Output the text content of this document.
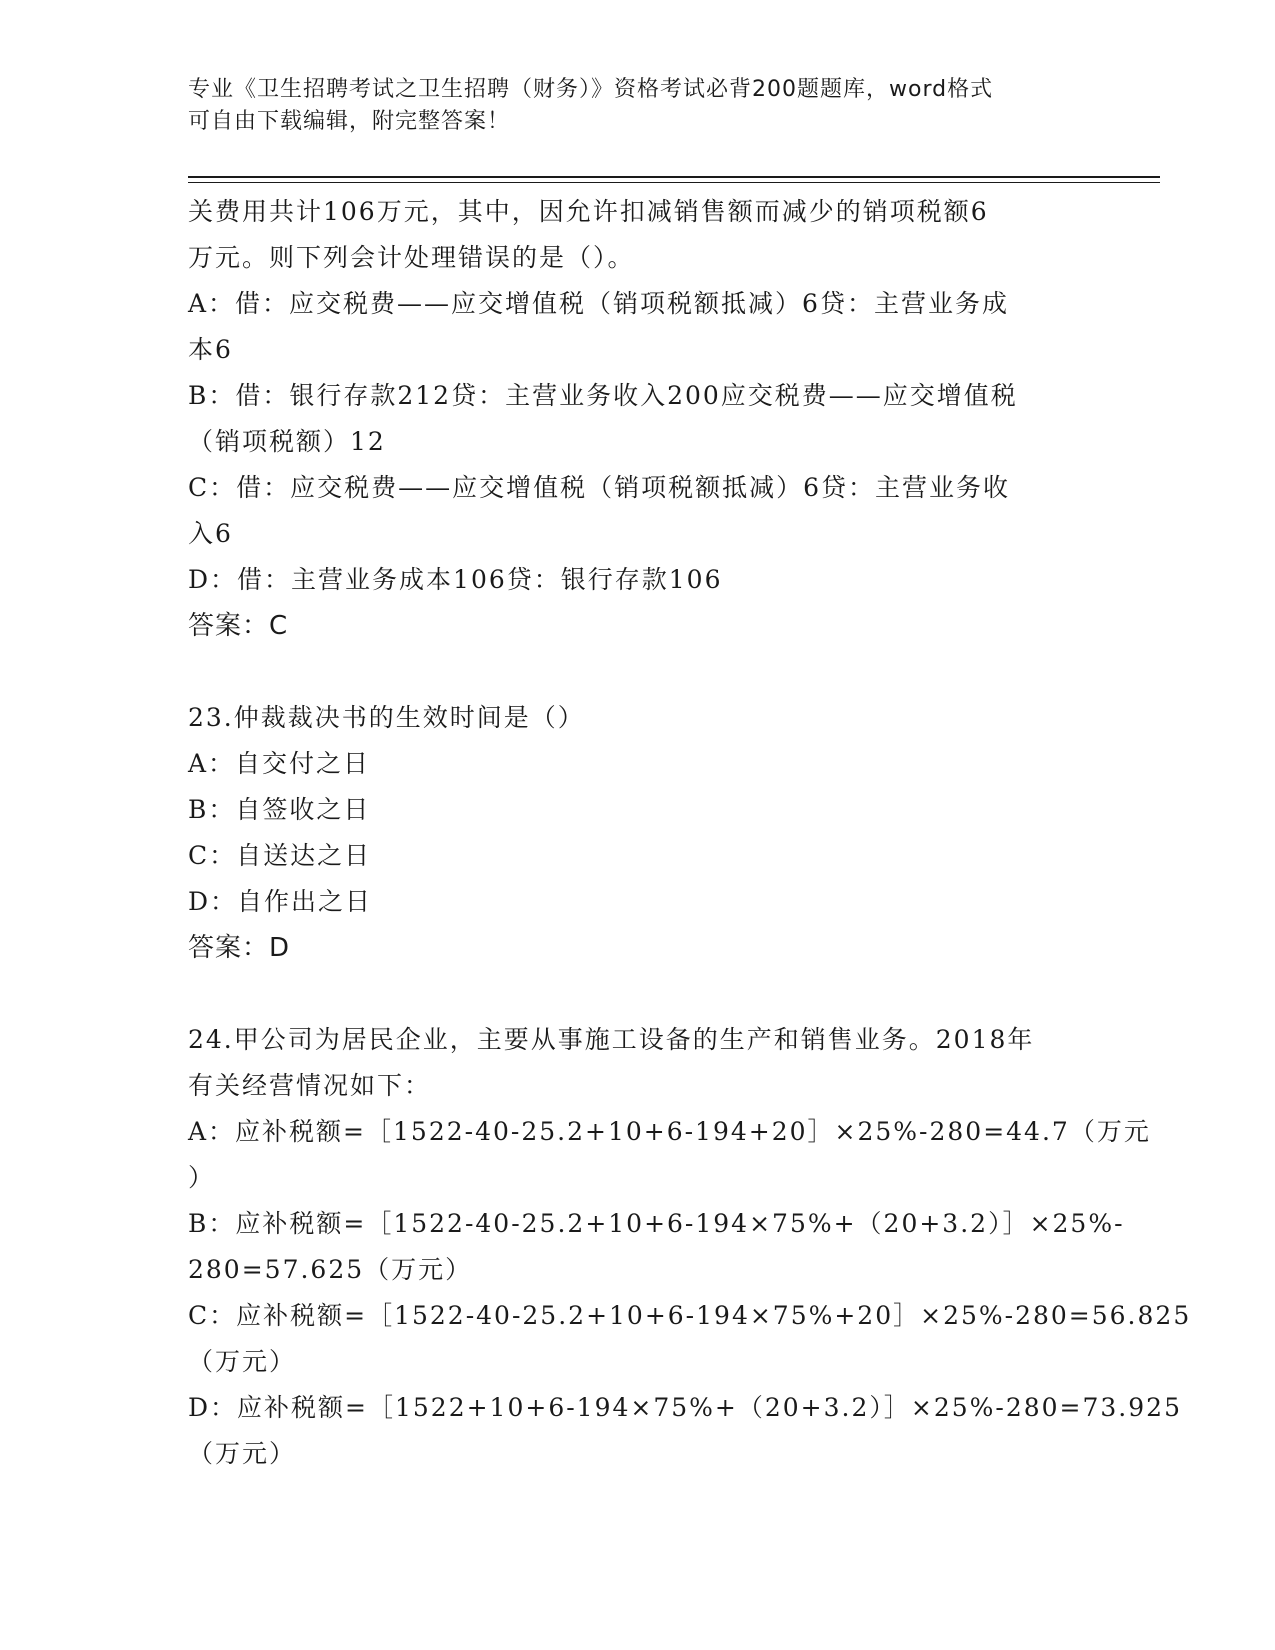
专业《卫生招聘考试之卫生招聘（财务）》资格考试必背200题题库，word格式
可自由下载编辑，附完整答案！
关费用共计106万元，其中，因允许扣减销售额而减少的销项税额6
万元。则下列会计处理错误的是（）。
A：借：应交税费——应交增值税（销项税额抵减）6贷：主营业务成
本6
B：借：银行存款212贷：主营业务收入200应交税费——应交增值税
（销项税额）12
C：借：应交税费——应交增值税（销项税额抵减）6贷：主营业务收
入6
D：借：主营业务成本106贷：银行存款106
答案：C
23.仲裁裁决书的生效时间是（）
A：自交付之日
B：自签收之日
C：自送达之日
D：自作出之日
答案：D
24.甲公司为居民企业，主要从事施工设备的生产和销售业务。2018年
有关经营情况如下：
A：应补税额=［1522-40-25.2+10+6-194+20］×25%-280=44.7（万元
）
B：应补税额=［1522-40-25.2+10+6-194×75%+（20+3.2）］×25%-
280=57.625（万元）
C：应补税额=［1522-40-25.2+10+6-194×75%+20］×25%-280=56.825
（万元）
D：应补税额=［1522+10+6-194×75%+（20+3.2）］×25%-280=73.925
（万元）
